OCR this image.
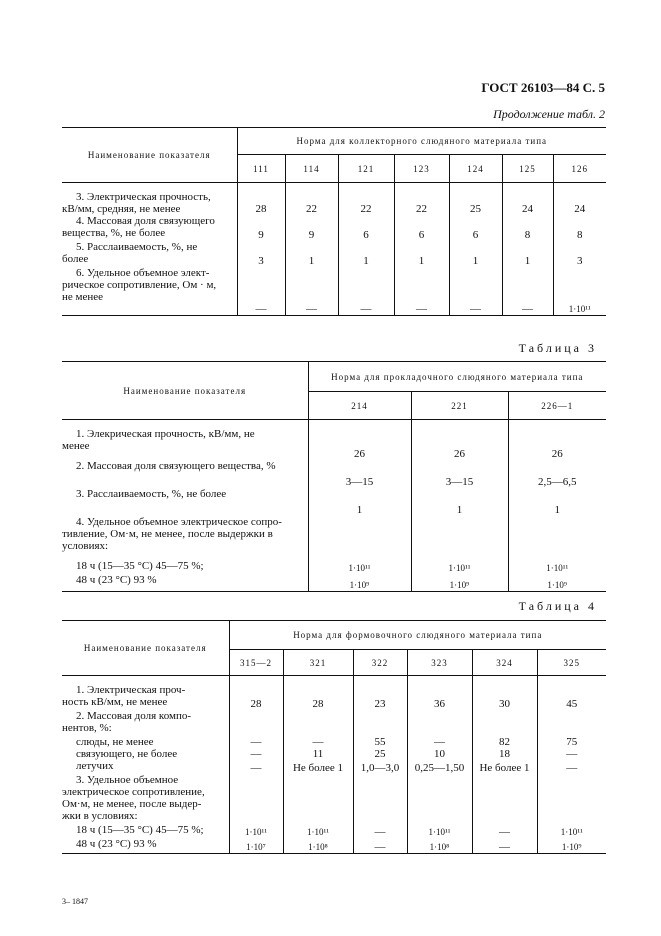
ГОСТ 26103—84 С. 5
Продолжение табл. 2
Наименование показателя	Норма для коллекторного слюдяного материала типа						
	111	114	121	123	124	125	126

3. Электрическая прочность,
кВ/мм, средняя, не менее	28	22	22	22	25	24	24

4. Массовая доля связующего
вещества, %, не более	9	9	6	6	6	8	8

5. Расслаиваемость, %, не
более	3	1	1	1	1	1	3

6. Удельное объемное элект-
рическое сопротивление, Ом · м,
не менее	—	—	—	—	—	—	1·10¹¹
Таблица 3
Наименование показателя	Норма для прокладочного слюдяного материала типа		
	214	221	226—1

1. Элекрическая прочность, кВ/мм, не
менее	26	26	26

2. Массовая доля связующего вещества, %	3—15	3—15	2,5—6,5

3. Расслаиваемость, %, не более	1	1	1

4. Удельное объемное электрическое сопро-
тивление, Ом·м, не менее, после выдержки в
условиях:			

18 ч (15—35 °С) 45—75 %;	1·10¹¹	1·10¹¹	1·10¹¹

48 ч (23 °С) 93 %	1·10⁹	1·10⁹	1·10⁹
Таблица 4
Наименование показателя	Норма для формовочного слюдяного материала типа					
	315—2	321	322	323	324	325

1. Электрическая проч-
ность кВ/мм, не менее	28	28	23	36	30	45

2. Массовая доля компо-
нентов, %:						

слюды, не менее	—	—	55	—	82	75

связующего, не более	—	11	25	10	18	—

летучих	—	Не более 1	1,0—3,0	0,25—1,50	Не более 1	—

3. Удельное объемное
электрическое сопротивление,
Ом·м, не менее, после выдер-
жки в условиях:						

18 ч (15—35 °С) 45—75 %;	1·10¹¹	1·10¹¹	—	1·10¹¹	—	1·10¹¹

48 ч (23 °С) 93 %	1·10⁷	1·10⁸	—	1·10⁸	—	1·10⁹
3– 1847
